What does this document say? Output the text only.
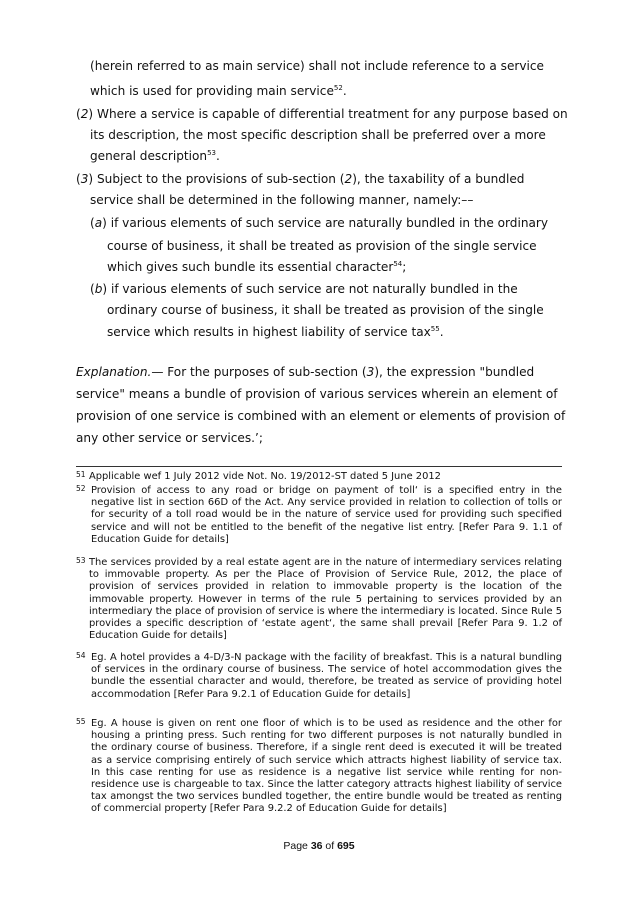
(herein referred to as main service) shall not include reference to a service
which is used for providing main service$^{52}$.
(2) Where a service is capable of differential treatment for any purpose based on
its description, the most specific description shall be preferred over a more
general description$^{53}$.
(3) Subject to the provisions of sub-section (2), the taxability of a bundled
service shall be determined in the following manner, namely:––
(a) if various elements of such service are naturally bundled in the ordinary
course of business, it shall be treated as provision of the single service
which gives such bundle its essential character$^{54}$;
(b) if various elements of such service are not naturally bundled in the
ordinary course of business, it shall be treated as provision of the single
service which results in highest liability of service tax$^{55}$.
Explanation.— For the purposes of sub-section (3), the expression "bundled
service" means a bundle of provision of various services wherein an element of
provision of one service is combined with an element or elements of provision of
any other service or services.’;
51 Applicable wef 1 July 2012 vide Not. No. 19/2012-ST dated 5 June 2012
52 Provision of access to any road or bridge on payment of toll‘ is a specified entry in the negative list in section 66D of the Act. Any service provided in relation to collection of tolls or for security of a toll road would be in the nature of service used for providing such specified service and will not be entitled to the benefit of the negative list entry. [Refer Para 9. 1.1 of Education Guide for details]
53 The services provided by a real estate agent are in the nature of intermediary services relating to immovable property. As per the Place of Provision of Service Rule, 2012, the place of provision of services provided in relation to immovable property is the location of the immovable property. However in terms of the rule 5 pertaining to services provided by an intermediary the place of provision of service is where the intermediary is located. Since Rule 5 provides a specific description of ‘estate agent‘, the same shall prevail [Refer Para 9. 1.2 of Education Guide for details]
54 Eg. A hotel provides a 4-D/3-N package with the facility of breakfast. This is a natural bundling of services in the ordinary course of business. The service of hotel accommodation gives the bundle the essential character and would, therefore, be treated as service of providing hotel accommodation [Refer Para 9.2.1 of Education Guide for details]
55 Eg. A house is given on rent one floor of which is to be used as residence and the other for housing a printing press. Such renting for two different purposes is not naturally bundled in the ordinary course of business. Therefore, if a single rent deed is executed it will be treated as a service comprising entirely of such service which attracts highest liability of service tax. In this case renting for use as residence is a negative list service while renting for non-residence use is chargeable to tax. Since the latter category attracts highest liability of service tax amongst the two services bundled together, the entire bundle would be treated as renting of commercial property [Refer Para 9.2.2 of Education Guide for details]
Page 36 of 695
